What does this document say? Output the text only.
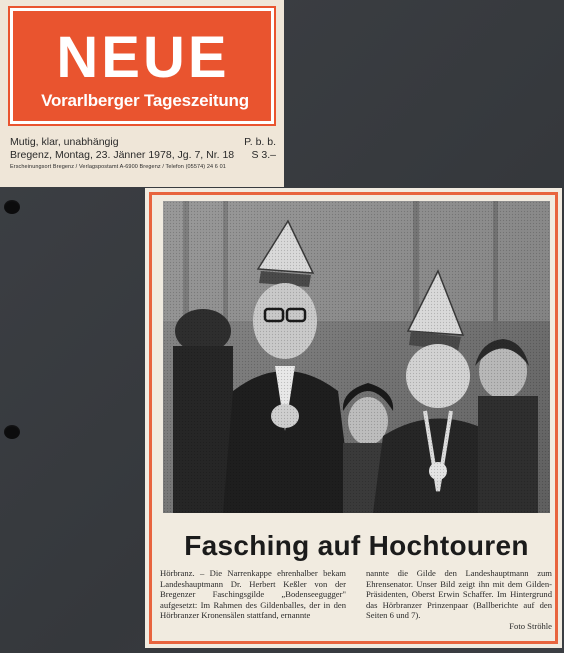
NEUE
Vorarlberger Tageszeitung
Mutig, klar, unabhängig	P. b. b.
Bregenz, Montag, 23. Jänner 1978, Jg. 7, Nr. 18 S 3.–
Erscheinungsort Bregenz / Verlagspostamt A-6900 Bregenz / Telefon (05574) 24 6 01
Fasching auf Hochtouren
Hörbranz. – Die Narrenkappe ehrenhalber bekam Landeshauptmann Dr. Herbert Keßler von der Bregenzer Faschingsgilde „Bodenseegugger" aufgesetzt: Im Rahmen des Gildenballes, der in den Hörbranzer Kronensälen stattfand, ernannte
nannte die Gilde den Landeshauptmann zum Ehrensenator. Unser Bild zeigt ihn mit dem Gilden-Präsidenten, Oberst Erwin Schaffer. Im Hintergrund das Hörbranzer Prinzenpaar (Ballberichte auf den Seiten 6 und 7).
Foto Ströhle
